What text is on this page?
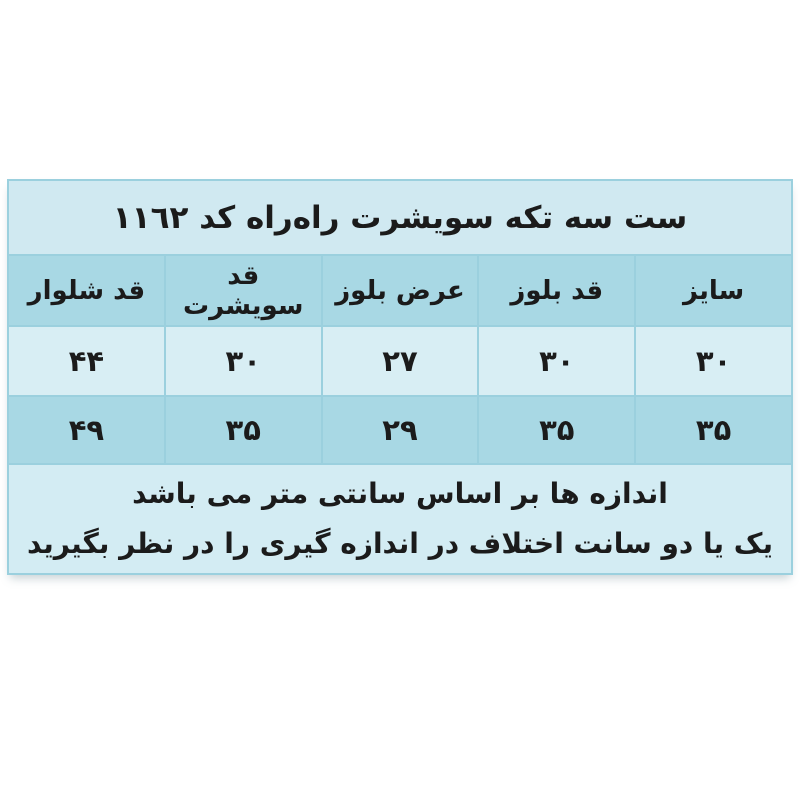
ست سه تکه سویشرت راه‌راه کد ١١٦٢				
سایز	قد بلوز	عرض بلوز	قد سویشرت	قد شلوار
۳۰	۳۰	۲۷	۳۰	۴۴
۳۵	۳۵	۲۹	۳۵	۴۹

اندازه ها بر اساس سانتی متر می باشد
یک یا دو سانت اختلاف در اندازه گیری را در نظر بگیرید				
